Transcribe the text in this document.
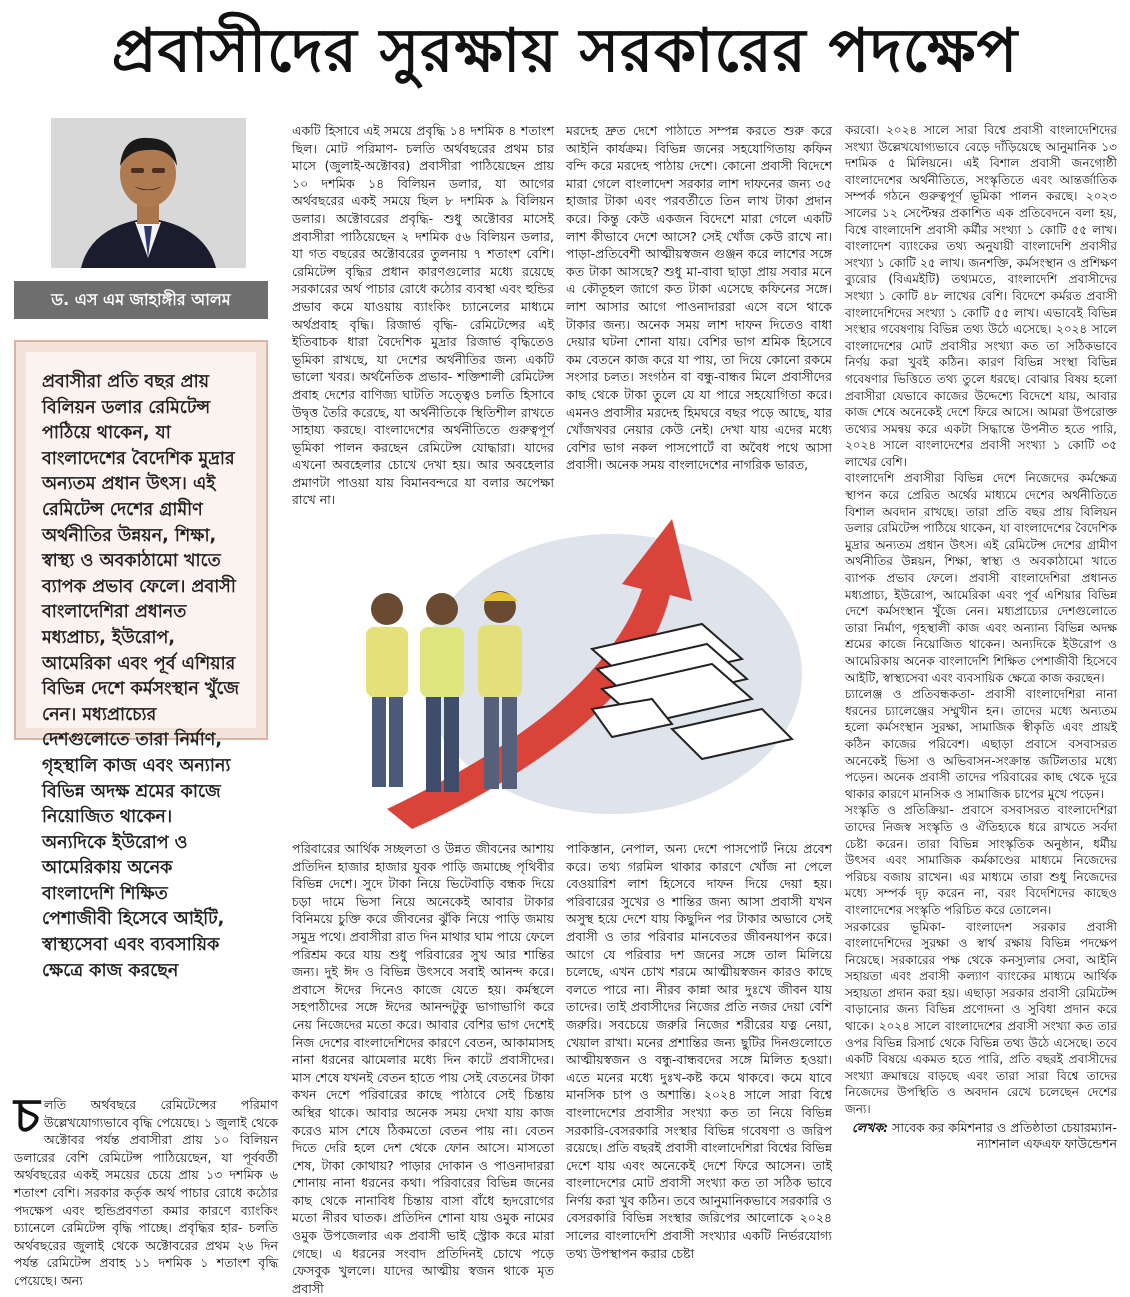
প্রবাসীদের সুরক্ষায় সরকারের পদক্ষেপ
ড. এস এম জাহাঙ্গীর আলম
প্রবাসীরা প্রতি বছর প্রায় বিলিয়ন ডলার রেমিটেন্স পাঠিয়ে থাকেন, যা বাংলাদেশের বৈদেশিক মুদ্রার অন্যতম প্রধান উৎস। এই রেমিটেন্স দেশের গ্রামীণ অর্থনীতির উন্নয়ন, শিক্ষা, স্বাস্থ্য ও অবকাঠামো খাতে ব্যাপক প্রভাব ফেলে। প্রবাসী বাংলাদেশিরা প্রধানত মধ্যপ্রাচ্য, ইউরোপ, আমেরিকা এবং পূর্ব এশিয়ার বিভিন্ন দেশে কর্মসংস্থান খুঁজে নেন। মধ্যপ্রাচ্যের দেশগুলোতে তারা নির্মাণ, গৃহস্থালি কাজ এবং অন্যান্য বিভিন্ন অদক্ষ শ্রমের কাজে নিয়োজিত থাকেন। অন্যদিকে ইউরোপ ও আমেরিকায় অনেক বাংলাদেশি শিক্ষিত পেশাজীবী হিসেবে আইটি, স্বাস্থ্যসেবা এবং ব্যবসায়িক ক্ষেত্রে কাজ করছেন
চ লতি অর্থবছরে রেমিটেন্সের পরিমাণ উল্লেখযোগ্যভাবে বৃদ্ধি পেয়েছে। ১ জুলাই থেকে অক্টোবর পর্যন্ত প্রবাসীরা প্রায় ১০ বিলিয়ন ডলারের বেশি রেমিটেন্স পাঠিয়েছেন, যা পূর্ববর্তী অর্থবছরের একই সময়ের চেয়ে প্রায় ১৩ দশমিক ৬ শতাংশ বেশি। সরকার কর্তৃক অর্থ পাচার রোধে কঠোর পদক্ষেপ এবং হুন্ডিপ্রবণতা কমার কারণে ব্যাংকিং চ্যানেলে রেমিটেন্স বৃদ্ধি পাচ্ছে। প্রবৃদ্ধির হার- চলতি অর্থবছরের জুলাই থেকে অক্টোবরের প্রথম ২৬ দিন পর্যন্ত রেমিটেন্স প্রবাহ ১১ দশমিক ১ শতাংশ বৃদ্ধি পেয়েছে। অন্য

একটি হিসাবে এই সময়ে প্রবৃদ্ধি ১৪ দশমিক ৪ শতাংশ ছিল। মোট পরিমাণ- চলতি অর্থবছরের প্রথম চার মাসে (জুলাই-অক্টোবর) প্রবাসীরা পাঠিয়েছেন প্রায় ১০ দশমিক ১৪ বিলিয়ন ডলার, যা আগের অর্থবছরের একই সময়ে ছিল ৮ দশমিক ৯ বিলিয়ন ডলার। অক্টোবরের প্রবৃদ্ধি- শুধু অক্টোবর মাসেই প্রবাসীরা পাঠিয়েছেন ২ দশমিক ৫৬ বিলিয়ন ডলার, যা গত বছরের অক্টোবরের তুলনায় ৭ শতাংশ বেশি। রেমিটেন্স বৃদ্ধির প্রধান কারণগুলোর মধ্যে রয়েছে সরকারের অর্থ পাচার রোধে কঠোর ব্যবস্থা এবং হুন্ডির প্রভাব কমে যাওয়ায় ব্যাংকিং চ্যানেলের মাধ্যমে অর্থপ্রবাহ বৃদ্ধি। রিজার্ভ বৃদ্ধি- রেমিটেন্সের এই ইতিবাচক ধারা বৈদেশিক মুদ্রার রিজার্ভ বৃদ্ধিতেও ভূমিকা রাখছে, যা দেশের অর্থনীতির জন্য একটি ভালো খবর। অর্থনৈতিক প্রভাব- শক্তিশালী রেমিটেন্স প্রবাহ দেশের বাণিজ্য ঘাটতি সত্ত্বেও চলতি হিসাবে উদ্বৃত্ত তৈরি করেছে, যা অর্থনীতিকে স্থিতিশীল রাখতে সাহায্য করছে। বাংলাদেশের অর্থনীতিতে গুরুত্বপূর্ণ ভূমিকা পালন করছেন রেমিটেন্স যোদ্ধারা। যাদের এখনো অবহেলার চোখে দেখা হয়। আর অবহেলার প্রমাণটা পাওয়া যায় বিমানবন্দরে যা বলার অপেক্ষা রাখে না।

মরদেহ দ্রুত দেশে পাঠাতে সম্পন্ন করতে শুরু করে আইনি কার্যক্রম। বিভিন্ন জনের সহযোগিতায় কফিন বন্দি করে মরদেহ পাঠায় দেশে। কোনো প্রবাসী বিদেশে মারা গেলে বাংলাদেশ সরকার লাশ দাফনের জন্য ৩৫ হাজার টাকা এবং পরবর্তীতে তিন লাখ টাকা প্রদান করে। কিন্তু কেউ একজন বিদেশে মারা গেলে একটি লাশ কীভাবে দেশে আসে? সেই খোঁজ কেউ রাখে না। পাড়া-প্রতিবেশী আত্মীয়স্বজন গুঞ্জন করে লাশের সঙ্গে কত টাকা আসছে? শুধু মা-বাবা ছাড়া প্রায় সবার মনে এ কৌতূহল জাগে কত টাকা এসেছে কফিনের সঙ্গে। লাশ আসার আগে পাওনাদাররা এসে বসে থাকে টাকার জন্য। অনেক সময় লাশ দাফন দিতেও বাধা দেয়ার ঘটনা শোনা যায়। বেশির ভাগ শ্রমিক হিসেবে কম বেতনে কাজ করে যা পায়, তা দিয়ে কোনো রকমে সংসার চলত। সংগঠন বা বন্ধু-বান্ধব মিলে প্রবাসীদের কাছ থেকে টাকা তুলে যে যা পারে সহযোগিতা করে। এমনও প্রবাসীর মরদেহ হিমঘরে বছর পড়ে আছে, যার খোঁজখবর নেয়ার কেউ নেই। দেখা যায় এদের মধ্যে বেশির ভাগ নকল পাসপোর্টে বা অবৈধ পথে আসা প্রবাসী। অনেক সময় বাংলাদেশের নাগরিক ভারত,

করবো। ২০২৪ সালে সারা বিশ্বে প্রবাসী বাংলাদেশিদের সংখ্যা উল্লেখযোগ্যভাবে বেড়ে দাঁড়িয়েছে আনুমানিক ১৩ দশমিক ৫ মিলিয়নে। এই বিশাল প্রবাসী জনগোষ্ঠী বাংলাদেশের অর্থনীতিতে, সংস্কৃতিতে এবং আন্তর্জাতিক সম্পর্ক গঠনে গুরুত্বপূর্ণ ভূমিকা পালন করছে। ২০২৩ সালের ১২ সেপ্টেম্বর প্রকাশিত এক প্রতিবেদনে বলা হয়, বিশ্বে বাংলাদেশি প্রবাসী কর্মীর সংখ্যা ১ কোটি ৫৫ লাখ। বাংলাদেশ ব্যাংকের তথ্য অনুযায়ী বাংলাদেশি প্রবাসীর সংখ্যা ১ কোটি ২৫ লাখ। জনশক্তি, কর্মসংস্থান ও প্রশিক্ষণ ব্যুরোর (বিএমইটি) তথ্যমতে, বাংলাদেশি প্রবাসীদের সংখ্যা ১ কোটি ৪৮ লাখের বেশি। বিদেশে কর্মরত প্রবাসী বাংলাদেশিদের সংখ্যা ১ কোটি ৫৫ লাখ। এভাবেই বিভিন্ন সংস্থার গবেষণায় বিভিন্ন তথ্য উঠে এসেছে। ২০২৪ সালে বাংলাদেশের মোট প্রবাসীর সংখ্যা কত তা সঠিকভাবে নির্ণয় করা খুবই কঠিন। কারণ বিভিন্ন সংস্থা বিভিন্ন গবেষণার ভিত্তিতে তথ্য তুলে ধরছে। বোঝার বিষয় হলো প্রবাসীরা যেভাবে কাজের উদ্দেশ্যে বিদেশে যায়, আবার কাজ শেষে অনেকেই দেশে ফিরে আসে। আমরা উপরোক্ত তথ্যের সমন্বয় করে একটা সিদ্ধান্তে উপনীত হতে পারি, ২০২৪ সালে বাংলাদেশের প্রবাসী সংখ্যা ১ কোটি ৩৫ লাখের বেশি।

বাংলাদেশি প্রবাসীরা বিভিন্ন দেশে নিজেদের কর্মক্ষেত্র স্থাপন করে প্রেরিত অর্থের মাধ্যমে দেশের অর্থনীতিতে বিশাল অবদান রাখছে। তারা প্রতি বছর প্রায় বিলিয়ন ডলার রেমিটেন্স পাঠিয়ে থাকেন, যা বাংলাদেশের বৈদেশিক মুদ্রার অন্যতম প্রধান উৎস। এই রেমিটেন্স দেশের গ্রামীণ অর্থনীতির উন্নয়ন, শিক্ষা, স্বাস্থ্য ও অবকাঠামো খাতে ব্যাপক প্রভাব ফেলে। প্রবাসী বাংলাদেশিরা প্রধানত মধ্যপ্রাচ্য, ইউরোপ, আমেরিকা এবং পূর্ব এশিয়ার বিভিন্ন দেশে কর্মসংস্থান খুঁজে নেন। মধ্যপ্রাচ্যের দেশগুলোতে তারা নির্মাণ, গৃহস্থালী কাজ এবং অন্যান্য বিভিন্ন অদক্ষ শ্রমের কাজে নিয়োজিত থাকেন। অন্যদিকে ইউরোপ ও আমেরিকায় অনেক বাংলাদেশি শিক্ষিত পেশাজীবী হিসেবে আইটি, স্বাস্থ্যসেবা এবং ব্যবসায়িক ক্ষেত্রে কাজ করছেন।

চ্যালেঞ্জ ও প্রতিবন্ধকতা- প্রবাসী বাংলাদেশিরা নানা ধরনের চ্যালেঞ্জের সম্মুখীন হন। তাদের মধ্যে অন্যতম হলো কর্মসংস্থান সুরক্ষা, সামাজিক স্বীকৃতি এবং প্রায়ই কঠিন কাজের পরিবেশ। এছাড়া প্রবাসে বসবাসরত অনেকেই ভিসা ও অভিবাসন-সংক্রান্ত জটিলতার মধ্যে পড়েন। অনেক প্রবাসী তাদের পরিবারের কাছ থেকে দূরে থাকার কারণে মানসিক ও সামাজিক চাপের মুখে পড়েন।

সংস্কৃতি ও প্রতিক্রিয়া- প্রবাসে বসবাসরত বাংলাদেশিরা তাদের নিজস্ব সংস্কৃতি ও ঐতিহ্যকে ধরে রাখতে সর্বদা চেষ্টা করেন। তারা বিভিন্ন সাংস্কৃতিক অনুষ্ঠান, ধর্মীয় উৎসব এবং সামাজিক কর্মকাণ্ডের মাধ্যমে নিজেদের পরিচয় বজায় রাখেন। এর মাধ্যমে তারা শুধু নিজেদের মধ্যে সম্পর্ক দৃঢ় করেন না, বরং বিদেশিদের কাছেও বাংলাদেশের সংস্কৃতি পরিচিত করে তোলেন।

সরকারের ভূমিকা- বাংলাদেশ সরকার প্রবাসী বাংলাদেশিদের সুরক্ষা ও স্বার্থ রক্ষায় বিভিন্ন পদক্ষেপ নিয়েছে। সরকারের পক্ষ থেকে কনস্যুলার সেবা, আইনি সহায়তা এবং প্রবাসী কল্যাণ ব্যাংকের মাধ্যমে আর্থিক সহায়তা প্রদান করা হয়। এছাড়া সরকার প্রবাসী রেমিটেন্স বাড়ানোর জন্য বিভিন্ন প্রণোদনা ও সুবিধা প্রদান করে থাকে। ২০২৪ সালে বাংলাদেশের প্রবাসী সংখ্যা কত তার ওপর বিভিন্ন রিসার্চ থেকে বিভিন্ন তথ্য উঠে এসেছে। তবে একটি বিষয়ে একমত হতে পারি, প্রতি বছরই প্রবাসীদের সংখ্যা ক্রমান্বয়ে বাড়ছে এবং তারা সারা বিশ্বে তাদের নিজেদের উপস্থিতি ও অবদান রেখে চলেছেন দেশের জন্য।

লেখক: সাবেক কর কমিশনার ও প্রতিষ্ঠাতা চেয়ারম্যান-ন্যাশনাল এফএফ ফাউন্ডেশন

পরিবারের আর্থিক সচ্ছলতা ও উন্নত জীবনের আশায় প্রতিদিন হাজার হাজার যুবক পাড়ি জমাচ্ছে পৃথিবীর বিভিন্ন দেশে। সুদে টাকা নিয়ে ভিটেবাড়ি বন্ধক দিয়ে চড়া দামে ভিসা নিয়ে অনেকেই আবার টাকার বিনিময়ে চুক্তি করে জীবনের ঝুঁকি নিয়ে পাড়ি জমায় সমুদ্র পথে। প্রবাসীরা রাত দিন মাথার ঘাম পায়ে ফেলে পরিশ্রম করে যায় শুধু পরিবারের সুখ আর শান্তির জন্য। দুই ঈদ ও বিভিন্ন উৎসবে সবাই আনন্দ করে। প্রবাসে ঈদের দিনেও কাজে যেতে হয়। কর্মস্থলে সহপাঠীদের সঙ্গে ঈদের আনন্দটুকু ভাগাভাগি করে নেয় নিজেদের মতো করে। আবার বেশির ভাগ দেশেই নিজ দেশের বাংলাদেশিদের কারণে বেতন, আকামাসহ নানা ধরনের ঝামেলার মধ্যে দিন কাটে প্রবাসীদের। মাস শেষে যখনই বেতন হাতে পায় সেই বেতনের টাকা কখন দেশে পরিবারের কাছে পাঠাবে সেই চিন্তায় অস্থির থাকে। আবার অনেক সময় দেখা যায় কাজ করেও মাস শেষে ঠিকমতো বেতন পায় না। বেতন দিতে দেরি হলে দেশ থেকে ফোন আসে। মাসতো শেষ, টাকা কোথায়? পাড়ার দোকান ও পাওনাদাররা শোনায় নানা ধরনের কথা। পরিবারের বিভিন্ন জনের কাছ থেকে নানাবিধ চিন্তায় বাসা বাঁধে হৃদরোগের মতো নীরব ঘাতক। প্রতিদিন শোনা যায় ওমুক নামের ওমুক উপজেলার এক প্রবাসী ভাই স্ট্রোক করে মারা গেছে। এ ধরনের সংবাদ প্রতিদিনই চোখে পড়ে ফেসবুক খুললে। যাদের আত্মীয় স্বজন থাকে মৃত প্রবাসী

পাকিস্তান, নেপাল, অন্য দেশে পাসপোর্ট নিয়ে প্রবেশ করে। তথ্য গরমিল থাকার কারণে খোঁজ না পেলে বেওয়ারিশ লাশ হিসেবে দাফন দিয়ে দেয়া হয়। পরিবারের সুখের ও শান্তির জন্য আসা প্রবাসী যখন অসুস্থ হয়ে দেশে যায় কিছুদিন পর টাকার অভাবে সেই প্রবাসী ও তার পরিবার মানবেতর জীবনযাপন করে। আগে যে পরিবার দশ জনের সঙ্গে তাল মিলিয়ে চলেছে, এখন চোখ শরমে আত্মীয়স্বজন কারও কাছে বলতে পারে না। নীরব কান্না আর দুঃখে জীবন যায় তাদের। তাই প্রবাসীদের নিজের প্রতি নজর দেয়া বেশি জরুরি। সবচেয়ে জরুরি নিজের শরীরের যত্ন নেয়া, খেয়াল রাখা। মনের প্রশান্তির জন্য ছুটির দিনগুলোতে আত্মীয়স্বজন ও বন্ধু-বান্ধবদের সঙ্গে মিলিত হওয়া। এতে মনের মধ্যে দুঃখ-কষ্ট কমে থাকবে। কমে যাবে মানসিক চাপ ও অশান্তি। ২০২৪ সালে সারা বিশ্বে বাংলাদেশের প্রবাসীর সংখ্যা কত তা নিয়ে বিভিন্ন সরকারি-বেসরকারি সংস্থার বিভিন্ন গবেষণা ও জরিপ রয়েছে। প্রতি বছরই প্রবাসী বাংলাদেশিরা বিশ্বের বিভিন্ন দেশে যায় এবং অনেকেই দেশে ফিরে আসেন। তাই বাংলাদেশের মোট প্রবাসী সংখ্যা কত তা সঠিক ভাবে নির্ণয় করা খুব কঠিন। তবে আনুমানিকভাবে সরকারি ও বেসরকারি বিভিন্ন সংস্থার জরিপের আলোকে ২০২৪ সালের বাংলাদেশি প্রবাসী সংখ্যার একটি নির্ভরযোগ্য তথ্য উপস্থাপন করার চেষ্টা
